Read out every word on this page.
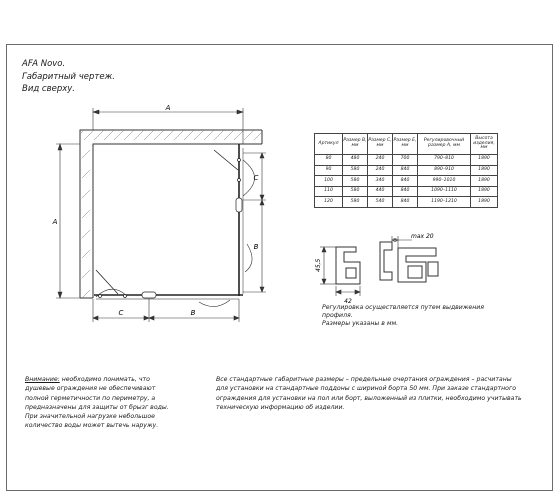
AFA Novo.
Габаритный чертеж.
Вид сверху.
A
A
C
B
C	B
45,5
42
max 20
Артикул	Размер B, мм	Размер C, мм	Размер E, мм	Регулировочный размер A, мм	Высота изделия, мм
80	480	240	700	790–810	1890
90	580	240	840	890–910	1890
100	580	340	840	990–1010	1890
110	580	440	840	1090–1110	1890
120	580	540	840	1190–1210	1890
Регулировка осуществляется путем выдвижения
профиля.
Размеры указаны в мм.
Внимание: необходимо понимать, что
душевые ограждения не обеспечивают
полной герметичности по периметру, а
предназначены для защиты от брызг воды.
При значительной нагрузке небольшое
количество воды может вытечь наружу.
Все стандартные габаритные размеры – предельные очертания ограждения – расчитаны
для установки на стандартные поддоны с шириной борта 50 мм. При заказе стандартного
ограждения для установки на пол или борт, выложенный из плитки, необходимо учитывать
техническую информацию об изделии.
